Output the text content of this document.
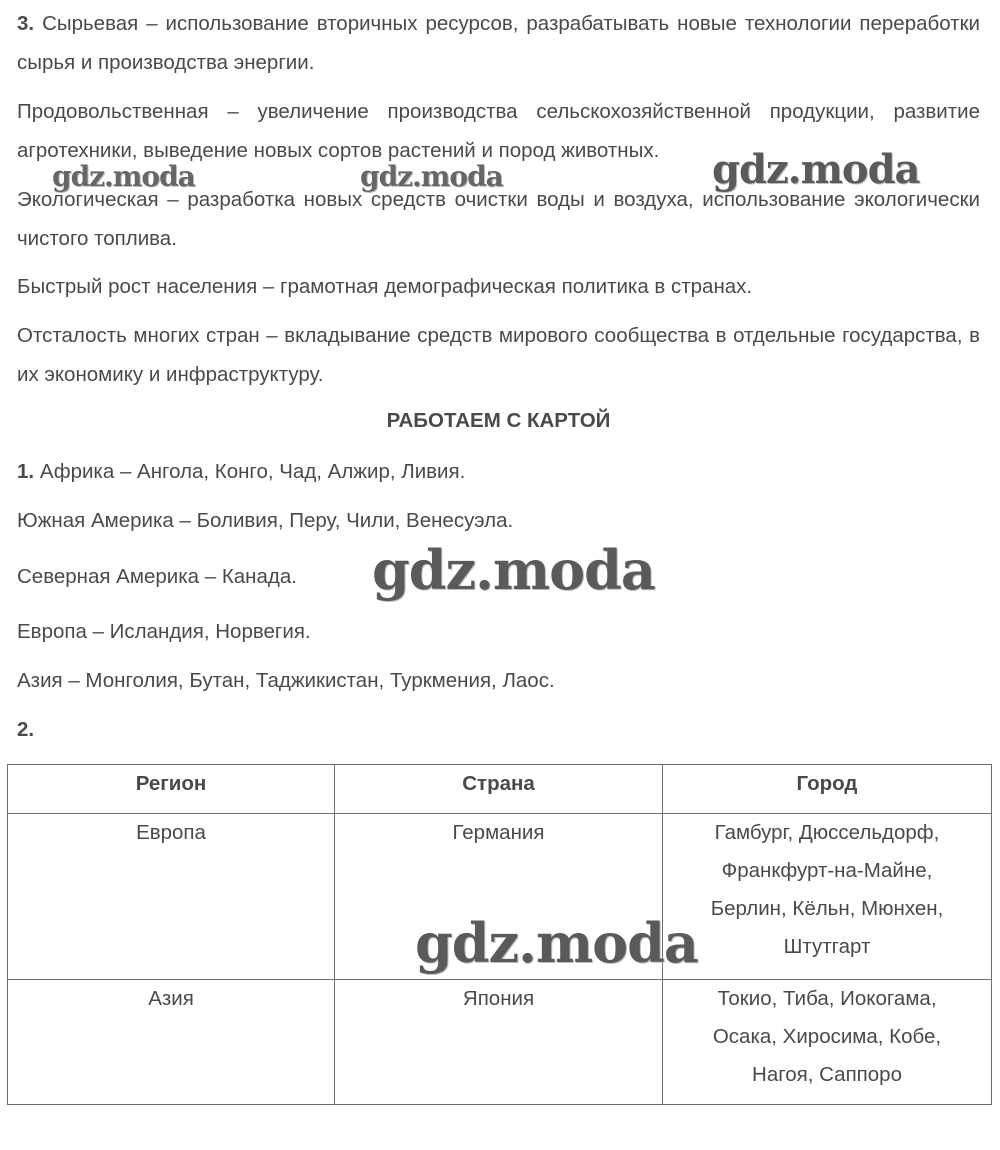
3. Сырьевая – использование вторичных ресурсов, разрабатывать новые технологии переработки сырья и производства энергии.

Продовольственная – увеличение производства сельскохозяйственной продукции, развитие агротехники, выведение новых сортов растений и пород животных.

Экологическая – разработка новых средств очистки воды и воздуха, использование экологически чистого топлива.

Быстрый рост населения – грамотная демографическая политика в странах.

Отсталость многих стран – вкладывание средств мирового сообщества в отдельные государства, в их экономику и инфраструктуру.

РАБОТАЕМ С КАРТОЙ

1. Африка – Ангола, Конго, Чад, Алжир, Ливия.

Южная Америка – Боливия, Перу, Чили, Венесуэла.

Северная Америка – Канада.

Европа – Исландия, Норвегия.

Азия – Монголия, Бутан, Таджикистан, Туркмения, Лаос.

2.

Регион	Страна	Город
Европа	Германия	Гамбург, Дюссельдорф,
Франкфурт-на-Майне,
Берлин, Кёльн, Мюнхен,
Штутгарт

Азия	Япония	Токио, Тиба, Иокогама,
Осака, Хиросима, Кобе,
Нагоя, Саппоро
gdz.moda	gdz.moda	gdz.moda
gdz.moda
gdz.moda
